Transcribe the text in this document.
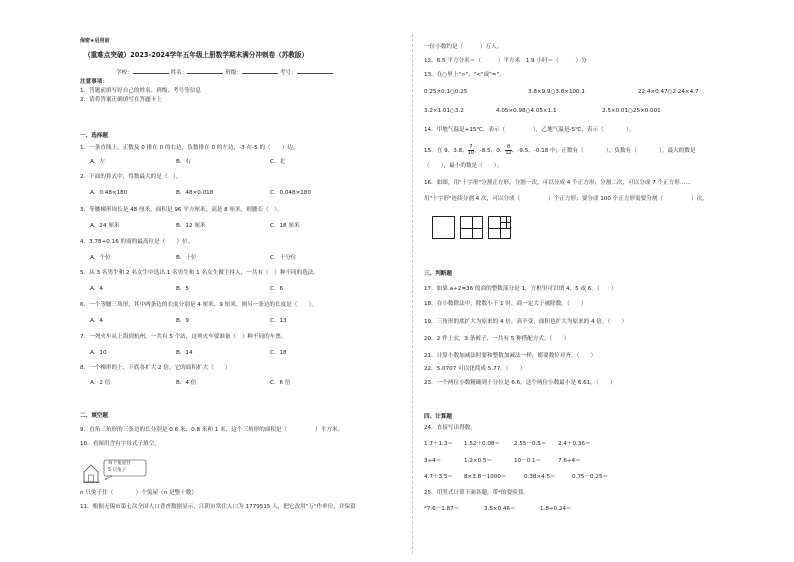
保密★启用前
（重难点突破）2023-2024学年五年级上册数学期末满分冲刺卷（苏教版）
学校：	姓名：	班级：	考号：
注意事项：
1．答题前填写好自己的姓名、班级、考号等信息
2．请将答案正确填写在答题卡上
一、选择题
1．一条直线上，正数及 0 排在 0 的右边，负数排在 0 的左边，-3 在-5 的（　　）边。
A．左	B．右	C．北
2．下面的算式中，得数最大的是（　）。
A．0.48×180	B．48×0.018	C．0.048×180
3．等腰梯形周长是 48 厘米，面积是 96 平方厘米，高是 8 厘米，则腰长（　）。
A．24 厘米	B．12 厘米	C．18 厘米
4．3.78÷0.16 的商的最高位是（　　）位。
A．个位	B．十位	C．十分位
5．从 3 名男生和 2 名女生中选出 1 名男生和 1 名女生做主持人，一共有（　）种不同的选法。
A．4	B．5	C．6
6．一个等腰三角形，其中两条边的长度分别是 4 厘米、9 厘米，则另一条边的长度是（　　）。
A．4	B．9	C．13
7．一列火车从上海到杭州，一共有 5 个站，这列火车要准备（　）种不同的车票。
A．10	B．14	C．18
8．一个梯形的上、下底各扩大 2 倍，它的面积扩大（　　）
A．2 倍	B．4 倍	C．6 倍
二、填空题
9．直角三角形的三条边的长分别是 0.6 米、0.8 米和 1 米，这个三角形的面积是（　　　　　）平方米。
10．看图用含有字母式子填空。
每个兔屋住
5 只兔子
n 只兔子住（　　　　）个兔屋（n 是整十数）
11．根据无锡市第七次全国人口普查数据显示，江阴市常住人口为 1779515 人，把它改用"万"作单位，并保留
一位小数约是（　　　）万人。
12．6.5 平方分米＝（　　　）平方米　1.9 小时＝（　　　）分
13．在○里上">"、"<"或"="。
0.25×0.1○0.25	3.8×9.9○3.8×100.1	22.4×0.47○2.24×4.7
3.2×1.01○3.2	4.05×0.98○4.05×1.1	2.5×0.01○25×0.001
14．甲地气温是+15℃，表示（　　　　　），乙地气温是-5℃，表示（　　　　）。
15．在 9、3.8、 $\frac{7}{10}$ 、-8.5、0、 $\frac{8}{12}$ 、-9.5、-0.18 中，正数有（　　　　），负数有（　　　　），最大的数是
（　　），最小的数是（　　）。
16．如图，用"十字形"分割正方形，分割一次，可以分成 4 个正方形；分割二次，可以分成 7 个正方形……
用"十字形"连续分割 4 次，可以分成（　　　　　）个正方形；要分成 100 个正方形需要分割（　　　　　）次。
三、判断题
17．如果 a÷2=36 的商的整数部分是 1，方框里可以填 4、5 或 6。（　　）
18．在小数除法中，除数小于 1 时，商一定大于被除数。（　　）
19．三角形的底扩大为原来的 4 倍，高不变，面积也扩大为原来的 4 倍。（　　）
20．2 件上衣，3 条裤子，一共有 5 种搭配方式。（　　）
21．计算小数加减法时要和整数加减法一样，都要数位对齐。（　　）
22．5.0707 可以化简成 5.77。（　　）
23．一个两位小数精确到十分位是 6.6，这个两位小数最小是 6.61。（　　）
四、计算题
24．直接写出得数。
1.7＋1.3＝ 1.52＋0.08＝ 2.55－0.5＝ 2.4＋0.36＝
3÷4＝	1.2×0.5＝	10－0.1＝	7.6÷4＝
4.7＋3.5＝ 8×3.8－1000＝	0.38×4.5＝	0.75－0.25＝
25．用竖式计算下面各题，带*的要验算。
*7.6－1.87＝	3.5×0.46＝	1.8÷0.24＝
